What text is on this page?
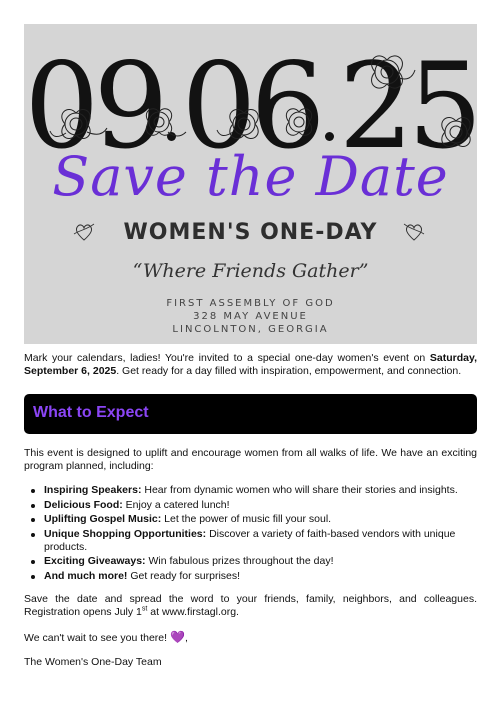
09 06 25
Save the Date
WOMEN'S ONE-DAY
“Where Friends Gather”
FIRST ASSEMBLY OF GOD
328 MAY AVENUE
LINCOLNTON, GEORGIA
Mark your calendars, ladies! You're invited to a special one-day women's event on Saturday, September 6, 2025. Get ready for a day filled with inspiration, empowerment, and connection.
What to Expect
This event is designed to uplift and encourage women from all walks of life. We have an exciting program planned, including:
Inspiring Speakers: Hear from dynamic women who will share their stories and insights.
Delicious Food: Enjoy a catered lunch!
Uplifting Gospel Music: Let the power of music fill your soul.
Unique Shopping Opportunities: Discover a variety of faith-based vendors with unique products.
Exciting Giveaways: Win fabulous prizes throughout the day!
And much more! Get ready for surprises!
Save the date and spread the word to your friends, family, neighbors, and colleagues. Registration opens July 1st at www.firstagl.org.
We can't wait to see you there! 💜,
The Women's One-Day Team
